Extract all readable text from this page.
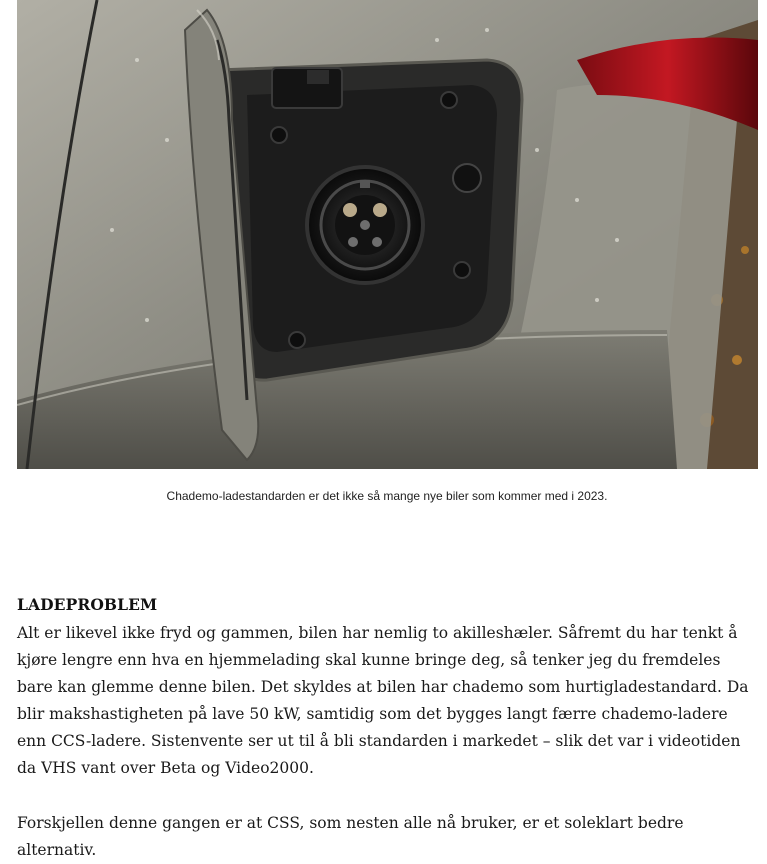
Chademo-ladestandarden er det ikke så mange nye biler som kommer med i 2023.
LADEPROBLEM

Alt er likevel ikke fryd og gammen, bilen har nemlig to akilleshæler. Såfremt du har tenkt å kjøre lengre enn hva en hjemmelading skal kunne bringe deg, så tenker jeg du fremdeles bare kan glemme denne bilen. Det skyldes at bilen har chademo som hurtigladestandard. Da blir makshastigheten på lave 50 kW, samtidig som det bygges langt færre chademo-ladere enn CCS-ladere. Sistenvente ser ut til å bli standarden i markedet – slik det var i videotiden da VHS vant over Beta og Video2000.

Forskjellen denne gangen er at CSS, som nesten alle nå bruker, er et soleklart bedre alternativ.
